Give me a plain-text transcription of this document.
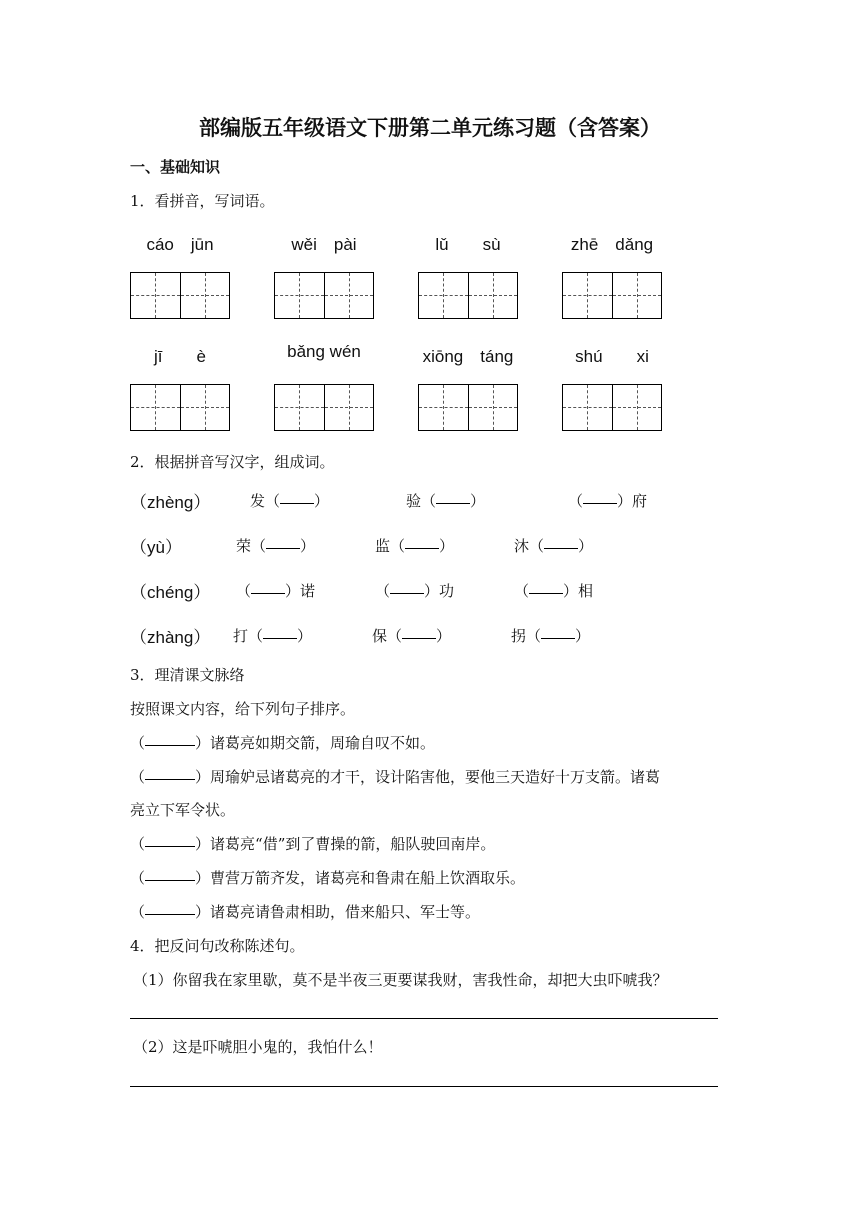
部编版五年级语文下册第二单元练习题（含答案）
一、基础知识
1．看拼音，写词语。
cáo　jūn	wěi　pài	lǔ　　sù	zhē　dǎng
jī　　è	bǎng wén	xiōng　táng	shú　　xi
2．根据拼音写汉字，组成词。
（zhèng）	发（ ）	验（ ）	（ ）府
（yù）	荣（ ）	监（ ）	沐（ ）
（chéng） （ ）诺	（ ）功	（ ）相
（zhàng） 打（ ）	保（ ）	拐（ ）
3．理清课文脉络
按照课文内容，给下列句子排序。
（	）诸葛亮如期交箭，周瑜自叹不如。
（	）周瑜妒忌诸葛亮的才干，设计陷害他，要他三天造好十万支箭。诸葛
亮立下军令状。
（	）诸葛亮“借”到了曹操的箭，船队驶回南岸。
（	）曹营万箭齐发，诸葛亮和鲁肃在船上饮酒取乐。
（	）诸葛亮请鲁肃相助，借来船只、军士等。
4．把反问句改称陈述句。
（1）你留我在家里歇，莫不是半夜三更要谋我财，害我性命，却把大虫吓唬我？
（2）这是吓唬胆小鬼的，我怕什么！
